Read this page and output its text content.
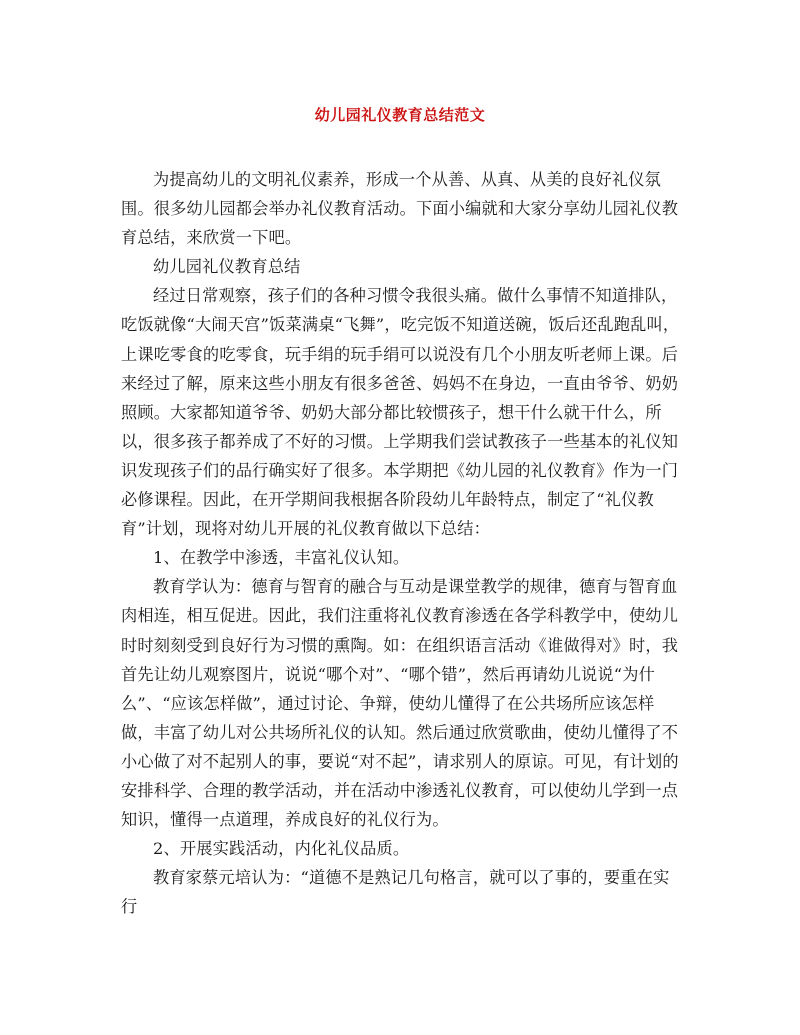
幼儿园礼仪教育总结范文

为提高幼儿的文明礼仪素养，形成一个从善、从真、从美的良好礼仪氛围。很多幼儿园都会举办礼仪教育活动。下面小编就和大家分享幼儿园礼仪教育总结，来欣赏一下吧。

幼儿园礼仪教育总结

经过日常观察，孩子们的各种习惯令我很头痛。做什么事情不知道排队，吃饭就像“大闹天宫”饭菜满桌“飞舞”，吃完饭不知道送碗，饭后还乱跑乱叫，上课吃零食的吃零食，玩手绢的玩手绢可以说没有几个小朋友听老师上课。后来经过了解，原来这些小朋友有很多爸爸、妈妈不在身边，一直由爷爷、奶奶照顾。大家都知道爷爷、奶奶大部分都比较惯孩子，想干什么就干什么，所以，很多孩子都养成了不好的习惯。上学期我们尝试教孩子一些基本的礼仪知识发现孩子们的品行确实好了很多。本学期把《幼儿园的礼仪教育》作为一门必修课程。因此，在开学期间我根据各阶段幼儿年龄特点，制定了“礼仪教育”计划，现将对幼儿开展的礼仪教育做以下总结：

1、在教学中渗透，丰富礼仪认知。

教育学认为：德育与智育的融合与互动是课堂教学的规律，德育与智育血肉相连，相互促进。因此，我们注重将礼仪教育渗透在各学科教学中，使幼儿时时刻刻受到良好行为习惯的熏陶。如：在组织语言活动《谁做得对》时，我首先让幼儿观察图片，说说“哪个对”、“哪个错”，然后再请幼儿说说“为什么”、“应该怎样做”，通过讨论、争辩，使幼儿懂得了在公共场所应该怎样做，丰富了幼儿对公共场所礼仪的认知。然后通过欣赏歌曲，使幼儿懂得了不小心做了对不起别人的事，要说“对不起”，请求别人的原谅。可见，有计划的安排科学、合理的教学活动，并在活动中渗透礼仪教育，可以使幼儿学到一点知识，懂得一点道理，养成良好的礼仪行为。

2、开展实践活动，内化礼仪品质。

教育家蔡元培认为：“道德不是熟记几句格言，就可以了事的，要重在实行
